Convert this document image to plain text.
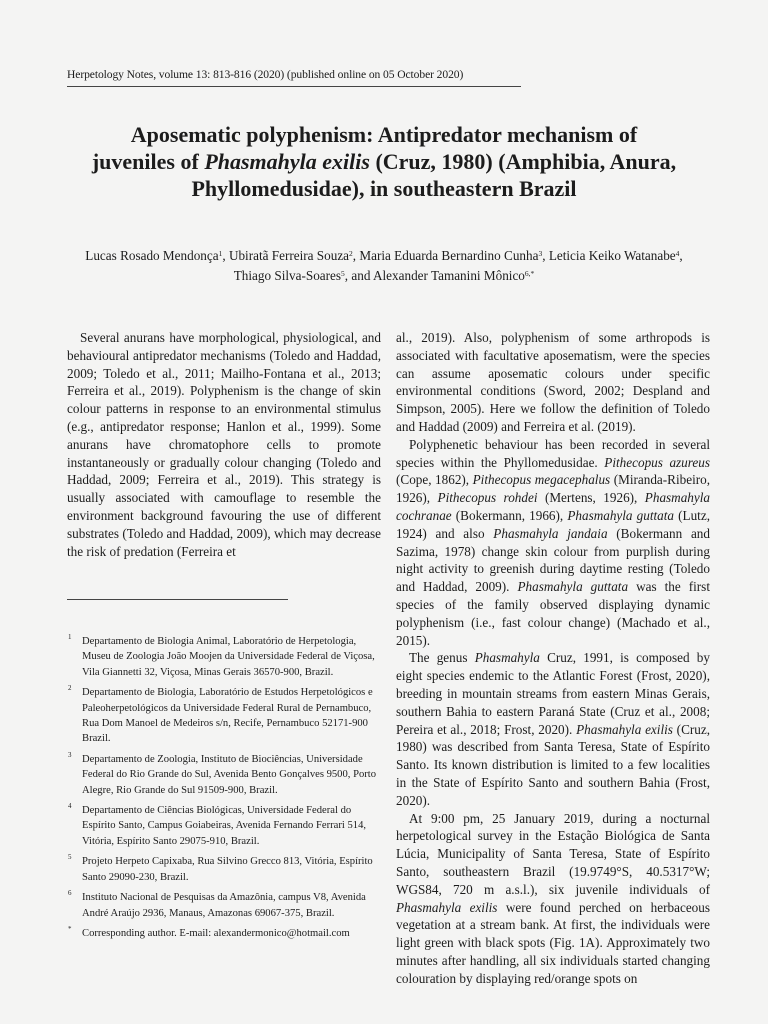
Herpetology Notes, volume 13: 813-816 (2020) (published online on 05 October 2020)
Aposematic polyphenism: Antipredator mechanism of
juveniles of Phasmahyla exilis (Cruz, 1980) (Amphibia, Anura,
Phyllomedusidae), in southeastern Brazil
Lucas Rosado Mendonça$^1$, Ubiratã Ferreira Souza$^2$, Maria Eduarda Bernardino Cunha$^3$, Leticia Keiko Watanabe$^4$,
Thiago Silva-Soares$^5$, and Alexander Tamanini Mônico$^{6,*}$

Several anurans have morphological, physiological, and behavioural antipredator mechanisms (Toledo and Haddad, 2009; Toledo et al., 2011; Mailho-Fontana et al., 2013; Ferreira et al., 2019). Polyphenism is the change of skin colour patterns in response to an environmental stimulus (e.g., antipredator response; Hanlon et al., 1999). Some anurans have chromatophore cells to promote instantaneously or gradually colour changing (Toledo and Haddad, 2009; Ferreira et al., 2019). This strategy is usually associated with camouflage to resemble the environment background favouring the use of different substrates (Toledo and Haddad, 2009), which may decrease the risk of predation (Ferreira et

al., 2019). Also, polyphenism of some arthropods is associated with facultative aposematism, were the species can assume aposematic colours under specific environmental conditions (Sword, 2002; Despland and Simpson, 2005). Here we follow the definition of Toledo and Haddad (2009) and Ferreira et al. (2019).

Polyphenetic behaviour has been recorded in several species within the Phyllomedusidae. Pithecopus azureus (Cope, 1862), Pithecopus megacephalus (Miranda-Ribeiro, 1926), Pithecopus rohdei (Mertens, 1926), Phasmahyla cochranae (Bokermann, 1966), Phasmahyla guttata (Lutz, 1924) and also Phasmahyla jandaia (Bokermann and Sazima, 1978) change skin colour from purplish during night activity to greenish during daytime resting (Toledo and Haddad, 2009). Phasmahyla guttata was the first species of the family observed displaying dynamic polyphenism (i.e., fast colour change) (Machado et al., 2015).

The genus Phasmahyla Cruz, 1991, is composed by eight species endemic to the Atlantic Forest (Frost, 2020), breeding in mountain streams from eastern Minas Gerais, southern Bahia to eastern Paraná State (Cruz et al., 2008; Pereira et al., 2018; Frost, 2020). Phasmahyla exilis (Cruz, 1980) was described from Santa Teresa, State of Espírito Santo. Its known distribution is limited to a few localities in the State of Espírito Santo and southern Bahia (Frost, 2020).

At 9:00 pm, 25 January 2019, during a nocturnal herpetological survey in the Estação Biológica de Santa Lúcia, Municipality of Santa Teresa, State of Espírito Santo, southeastern Brazil (19.9749°S, 40.5317°W; WGS84, 720 m a.s.l.), six juvenile individuals of Phasmahyla exilis were found perched on herbaceous vegetation at a stream bank. At first, the individuals were light green with black spots (Fig. 1A). Approximately two minutes after handling, all six individuals started changing colouration by displaying red/orange spots on

1 Departamento de Biologia Animal, Laboratório de Herpetologia, Museu de Zoologia João Moojen da Universidade Federal de Viçosa, Vila Giannetti 32, Viçosa, Minas Gerais 36570-900, Brazil.
2 Departamento de Biologia, Laboratório de Estudos Herpetológicos e Paleoherpetológicos da Universidade Federal Rural de Pernambuco, Rua Dom Manoel de Medeiros s/n, Recife, Pernambuco 52171-900 Brazil.
3 Departamento de Zoologia, Instituto de Biociências, Universidade Federal do Rio Grande do Sul, Avenida Bento Gonçalves 9500, Porto Alegre, Rio Grande do Sul 91509-900, Brazil.
4 Departamento de Ciências Biológicas, Universidade Federal do Espírito Santo, Campus Goiabeiras, Avenida Fernando Ferrari 514, Vitória, Espírito Santo 29075-910, Brazil.
5 Projeto Herpeto Capixaba, Rua Silvino Grecco 813, Vitória, Espírito Santo 29090-230, Brazil.
6 Instituto Nacional de Pesquisas da Amazônia, campus V8, Avenida André Araújo 2936, Manaus, Amazonas 69067-375, Brazil.
* Corresponding author. E-mail: alexandermonico@hotmail.com
